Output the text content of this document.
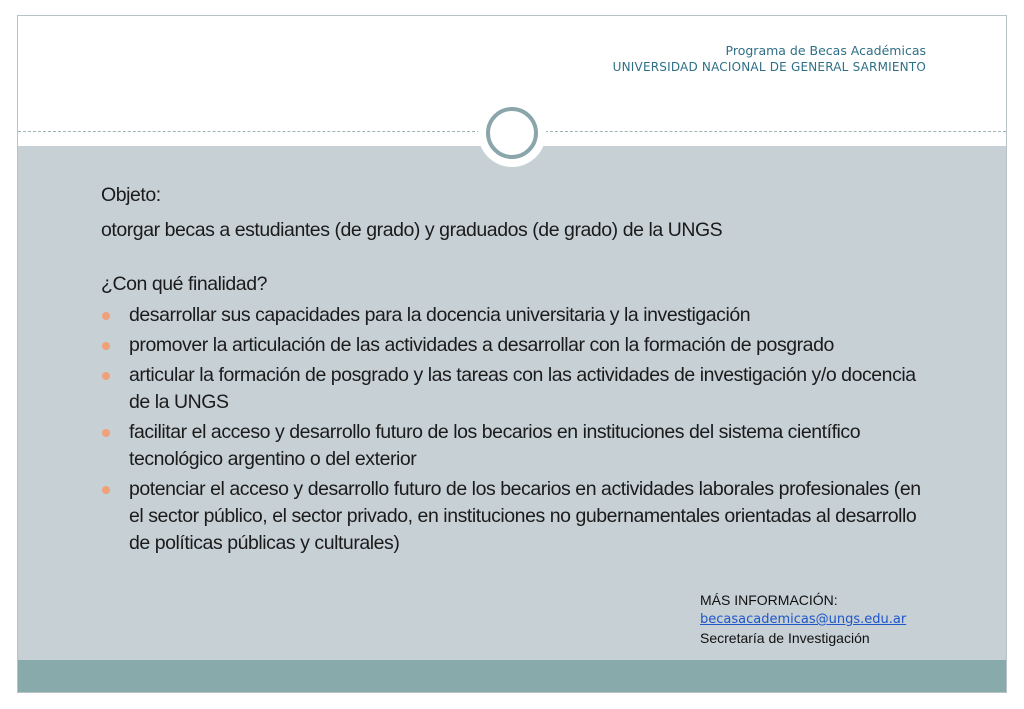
Programa de Becas Académicas
UNIVERSIDAD NACIONAL DE GENERAL SARMIENTO

Objeto:

otorgar becas a estudiantes (de grado) y graduados (de grado) de la UNGS

¿Con qué finalidad?

desarrollar sus capacidades para la docencia universitaria y la investigación
promover la articulación de las actividades a desarrollar con la formación de posgrado
articular la formación de posgrado y las tareas con las actividades de investigación y/o docencia de la UNGS
facilitar el acceso y desarrollo futuro de los becarios en instituciones del sistema científico tecnológico argentino o del exterior
potenciar el acceso y desarrollo futuro de los becarios en actividades laborales profesionales (en el sector público, el sector privado, en instituciones no gubernamentales orientadas al desarrollo de políticas públicas y culturales)
MÁS INFORMACIÓN:
becasacademicas@ungs.edu.ar
Secretaría de Investigación
